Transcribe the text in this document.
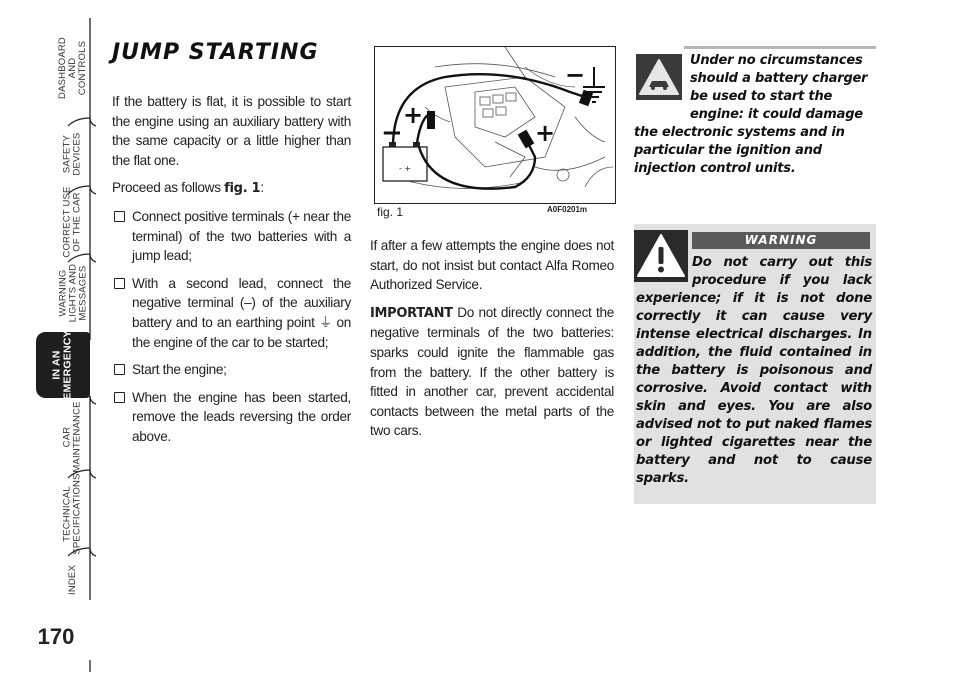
DASHBOARD
AND
CONTROLS
SAFETY
DEVICES
CORRECT USE
OF THE CAR
WARNING
LIGHTS AND
MESSAGES
IN AN
EMERGENCY
CAR
MAINTENANCE
TECHNICAL
SPECIFICATIONS
INDEX
170
JUMP STARTING

If the battery is flat, it is possible to start the engine using an auxiliary battery with the same capacity or a little higher than the flat one.

Proceed as follows fig. 1:

Connect positive terminals (+ near the terminal) of the two batteries with a jump lead;
With a second lead, connect the negative terminal (–) of the auxiliary battery and to an earthing point ⏚ on the engine of the car to be started;
Start the engine;
When the engine has been started, remove the leads reversing the order above.
- +
−
+
+
−
fig. 1	A0F0201m

If after a few attempts the engine does not start, do not insist but contact Alfa Romeo Authorized Service.

IMPORTANT Do not directly connect the negative terminals of the two batteries: sparks could ignite the flammable gas from the battery. If the other battery is fitted in another car, prevent accidental contacts between the metal parts of the two cars.

Under no circumstances should a battery charger be used to start the engine: it could damage the electronic systems and in particular the ignition and injection control units.
WARNING
Do not carry out this procedure if you lack experience; if it is not done correctly it can cause very intense electrical discharges. In addition, the fluid contained in the battery is poisonous and corrosive. Avoid contact with skin and eyes. You are also advised not to put naked flames or lighted cigarettes near the battery and not to cause sparks.
